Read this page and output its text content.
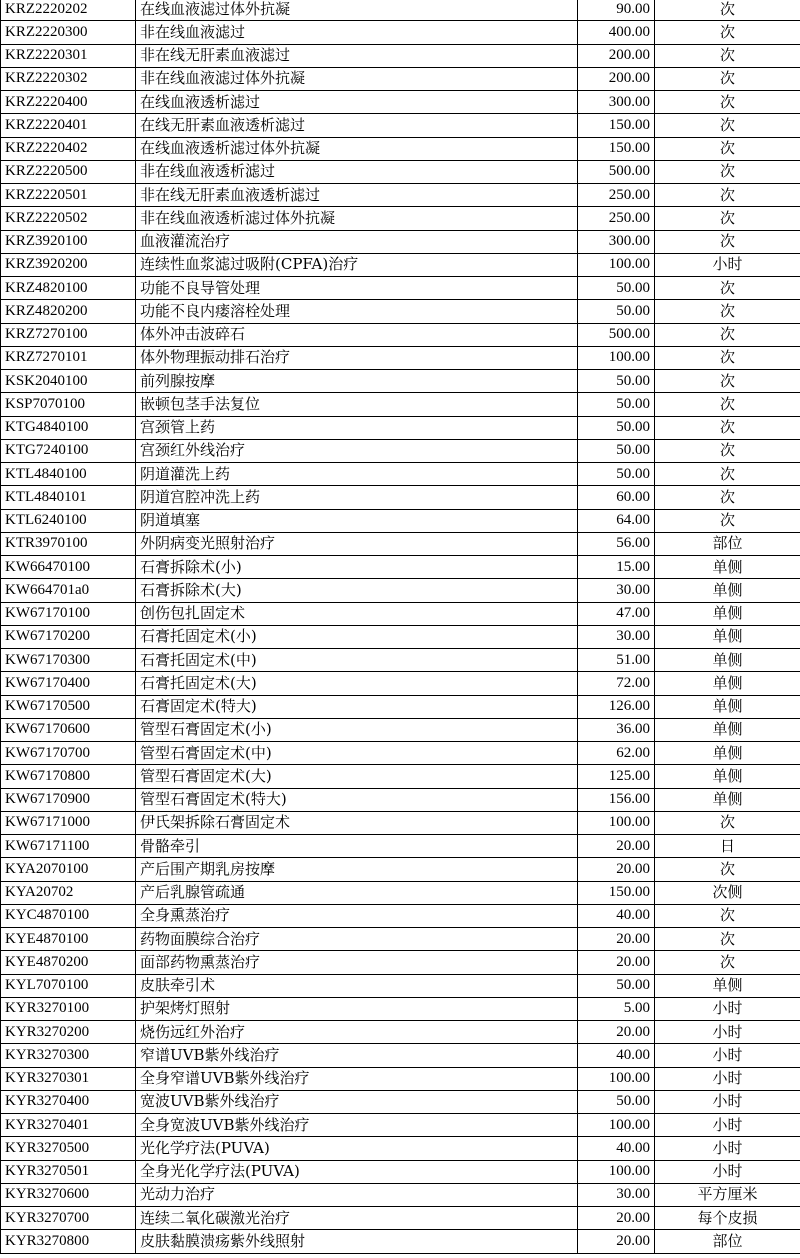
KRZ2220202	在线血液滤过体外抗凝	90.00	次
KRZ2220300	非在线血液滤过	400.00	次
KRZ2220301	非在线无肝素血液滤过	200.00	次
KRZ2220302	非在线血液滤过体外抗凝	200.00	次
KRZ2220400	在线血液透析滤过	300.00	次
KRZ2220401	在线无肝素血液透析滤过	150.00	次
KRZ2220402	在线血液透析滤过体外抗凝	150.00	次
KRZ2220500	非在线血液透析滤过	500.00	次
KRZ2220501	非在线无肝素血液透析滤过	250.00	次
KRZ2220502	非在线血液透析滤过体外抗凝	250.00	次
KRZ3920100	血液灌流治疗	300.00	次
KRZ3920200	连续性血浆滤过吸附(CPFA)治疗	100.00	小时
KRZ4820100	功能不良导管处理	50.00	次
KRZ4820200	功能不良内瘘溶栓处理	50.00	次
KRZ7270100	体外冲击波碎石	500.00	次
KRZ7270101	体外物理振动排石治疗	100.00	次
KSK2040100	前列腺按摩	50.00	次
KSP7070100	嵌顿包茎手法复位	50.00	次
KTG4840100	宫颈管上药	50.00	次
KTG7240100	宫颈红外线治疗	50.00	次
KTL4840100	阴道灌洗上药	50.00	次
KTL4840101	阴道宫腔冲洗上药	60.00	次
KTL6240100	阴道填塞	64.00	次
KTR3970100	外阴病变光照射治疗	56.00	部位
KW66470100	石膏拆除术(小)	15.00	单侧
KW664701a0	石膏拆除术(大)	30.00	单侧
KW67170100	创伤包扎固定术	47.00	单侧
KW67170200	石膏托固定术(小)	30.00	单侧
KW67170300	石膏托固定术(中)	51.00	单侧
KW67170400	石膏托固定术(大)	72.00	单侧
KW67170500	石膏固定术(特大)	126.00	单侧
KW67170600	管型石膏固定术(小)	36.00	单侧
KW67170700	管型石膏固定术(中)	62.00	单侧
KW67170800	管型石膏固定术(大)	125.00	单侧
KW67170900	管型石膏固定术(特大)	156.00	单侧
KW67171000	伊氏架拆除石膏固定术	100.00	次
KW67171100	骨骼牵引	20.00	日
KYA2070100	产后围产期乳房按摩	20.00	次
KYA20702	产后乳腺管疏通	150.00	次侧
KYC4870100	全身熏蒸治疗	40.00	次
KYE4870100	药物面膜综合治疗	20.00	次
KYE4870200	面部药物熏蒸治疗	20.00	次
KYL7070100	皮肤牵引术	50.00	单侧
KYR3270100	护架烤灯照射	5.00	小时
KYR3270200	烧伤远红外治疗	20.00	小时
KYR3270300	窄谱UVB紫外线治疗	40.00	小时
KYR3270301	全身窄谱UVB紫外线治疗	100.00	小时
KYR3270400	宽波UVB紫外线治疗	50.00	小时
KYR3270401	全身宽波UVB紫外线治疗	100.00	小时
KYR3270500	光化学疗法(PUVA)	40.00	小时
KYR3270501	全身光化学疗法(PUVA)	100.00	小时
KYR3270600	光动力治疗	30.00	平方厘米
KYR3270700	连续二氧化碳激光治疗	20.00	每个皮损
KYR3270800	皮肤黏膜溃疡紫外线照射	20.00	部位
